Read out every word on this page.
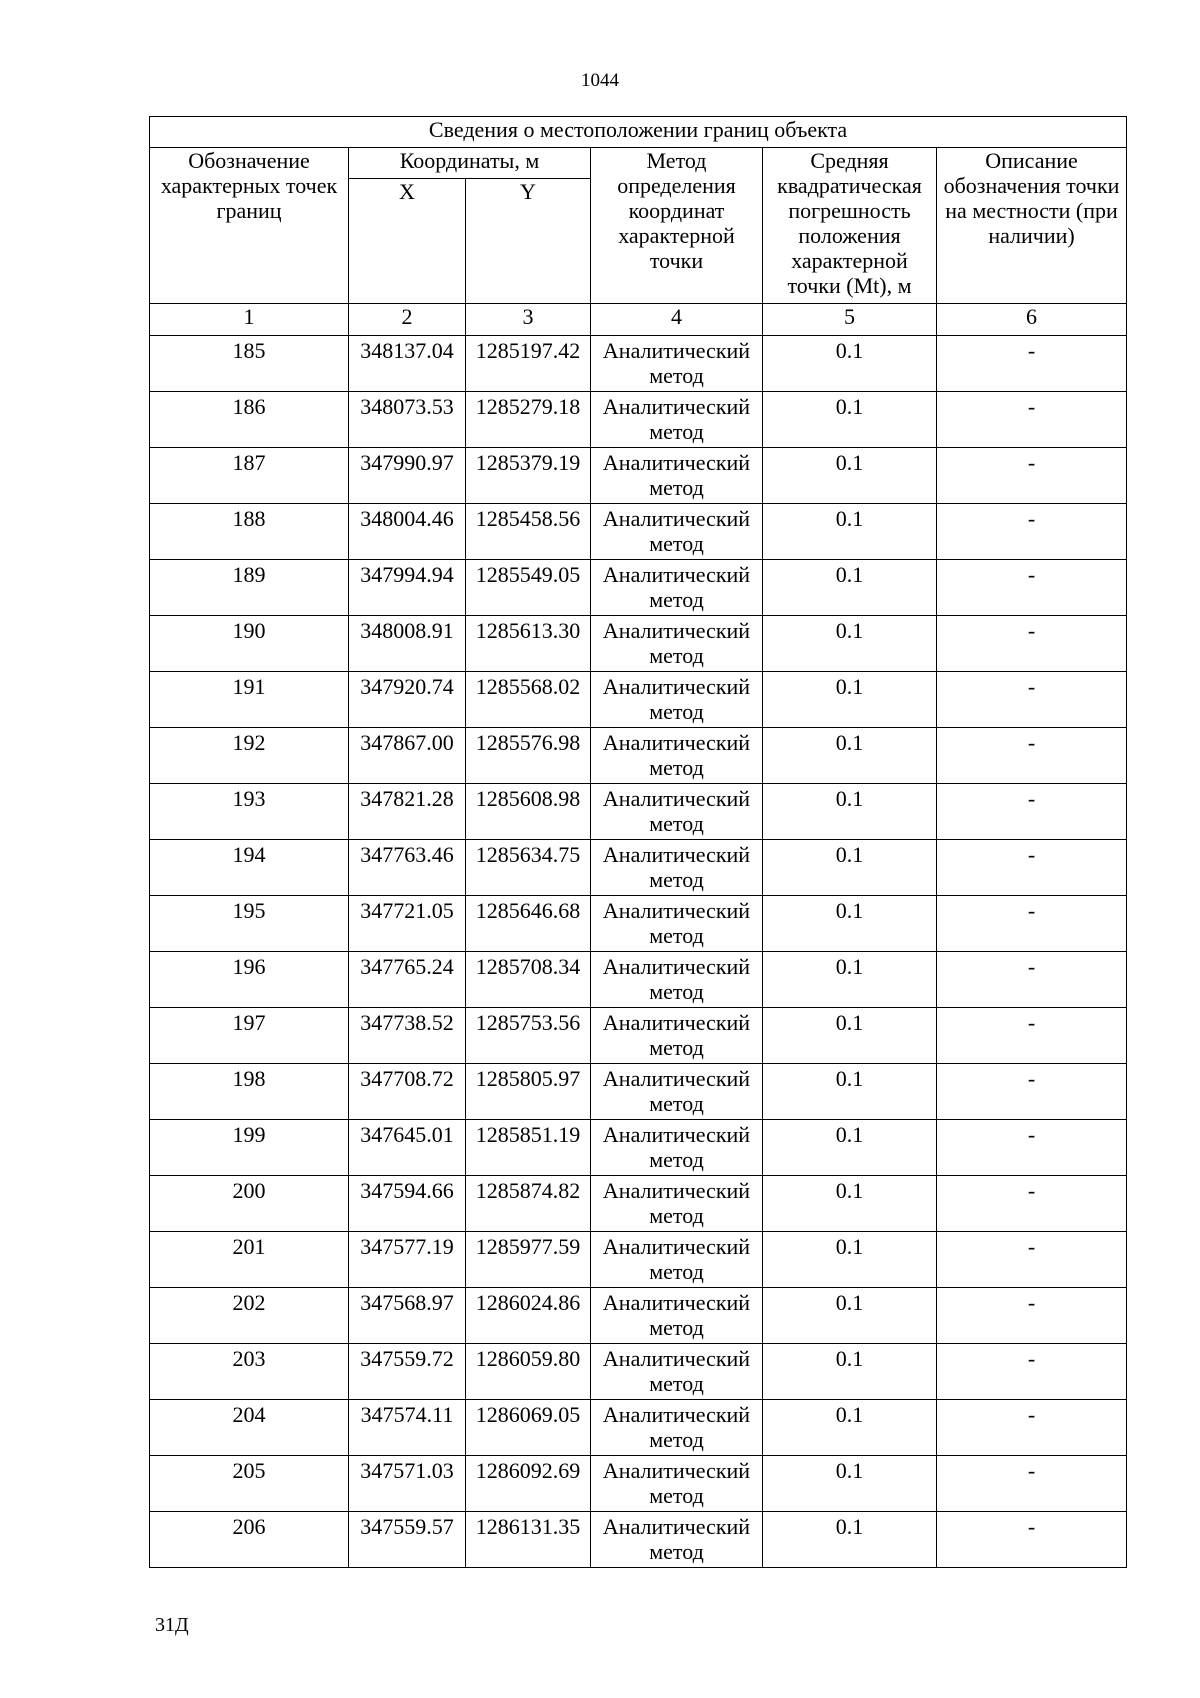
1044
Сведения о местоположении границ объекта					
Обозначение характерных точек границ	Координаты, м		Метод определения координат характерной точки	Средняя квадратическая погрешность положения характерной точки (Mt), м	Описание обозначения точки на местности (при наличии)
	X	Y			
1	2	3	4	5	6
185	348137.04	1285197.42	Аналитический метод	0.1	-
186	348073.53	1285279.18	Аналитический метод	0.1	-
187	347990.97	1285379.19	Аналитический метод	0.1	-
188	348004.46	1285458.56	Аналитический метод	0.1	-
189	347994.94	1285549.05	Аналитический метод	0.1	-
190	348008.91	1285613.30	Аналитический метод	0.1	-
191	347920.74	1285568.02	Аналитический метод	0.1	-
192	347867.00	1285576.98	Аналитический метод	0.1	-
193	347821.28	1285608.98	Аналитический метод	0.1	-
194	347763.46	1285634.75	Аналитический метод	0.1	-
195	347721.05	1285646.68	Аналитический метод	0.1	-
196	347765.24	1285708.34	Аналитический метод	0.1	-
197	347738.52	1285753.56	Аналитический метод	0.1	-
198	347708.72	1285805.97	Аналитический метод	0.1	-
199	347645.01	1285851.19	Аналитический метод	0.1	-
200	347594.66	1285874.82	Аналитический метод	0.1	-
201	347577.19	1285977.59	Аналитический метод	0.1	-
202	347568.97	1286024.86	Аналитический метод	0.1	-
203	347559.72	1286059.80	Аналитический метод	0.1	-
204	347574.11	1286069.05	Аналитический метод	0.1	-
205	347571.03	1286092.69	Аналитический метод	0.1	-
206	347559.57	1286131.35	Аналитический метод	0.1	-
31Д
